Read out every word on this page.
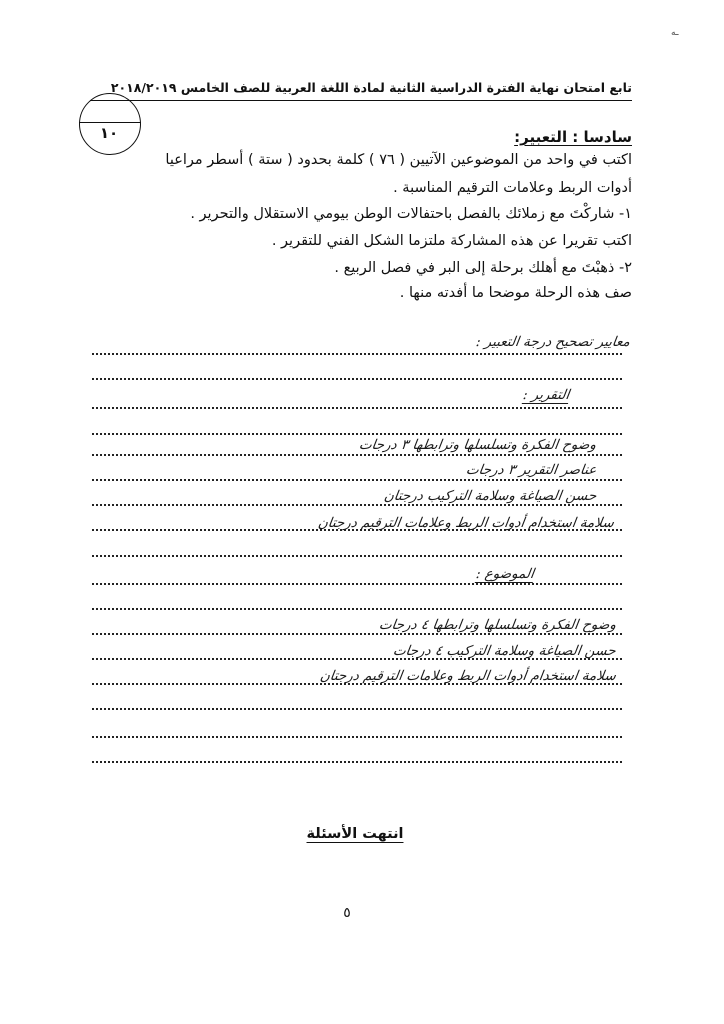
ـه
تابع امتحان نهاية الفترة الدراسية الثانية لمادة اللغة العربية للصف الخامس ٢٠١٨/٢٠١٩
١٠	سادسا : التعبير:
اكتب في واحد من الموضوعين الآتيين ( ٧٦ ) كلمة بحدود ( ستة ) أسطر مراعيا
أدوات الربط وعلامات الترقيم المناسبة .
١- شاركْتَ مع زملائك بالفصل باحتفالات الوطن بيومي الاستقلال والتحرير .
اكتب تقريرا عن هذه المشاركة ملتزما الشكل الفني للتقرير .
٢- ذهبْتَ مع أهلك برحلة إلى البر في فصل الربيع .
صف هذه الرحلة موضحا ما أفدته منها .
معايير تصحيح درجة التعبير :
التقرير :
وضوح الفكرة وتسلسلها وترابطها ٣ درجات
عناصر التقرير ٣ درجات
حسن الصياغة وسلامة التركيب درجتان
سلامة استخدام أدوات الربط وعلامات الترقيم درجتان
الموضوع :
وضوح الفكرة وتسلسلها وترابطها ٤ درجات
حسن الصياغة وسلامة التركيب ٤ درجات
سلامة استخدام أدوات الربط وعلامات الترقيم درجتان
انتهت الأسئلة
٥
